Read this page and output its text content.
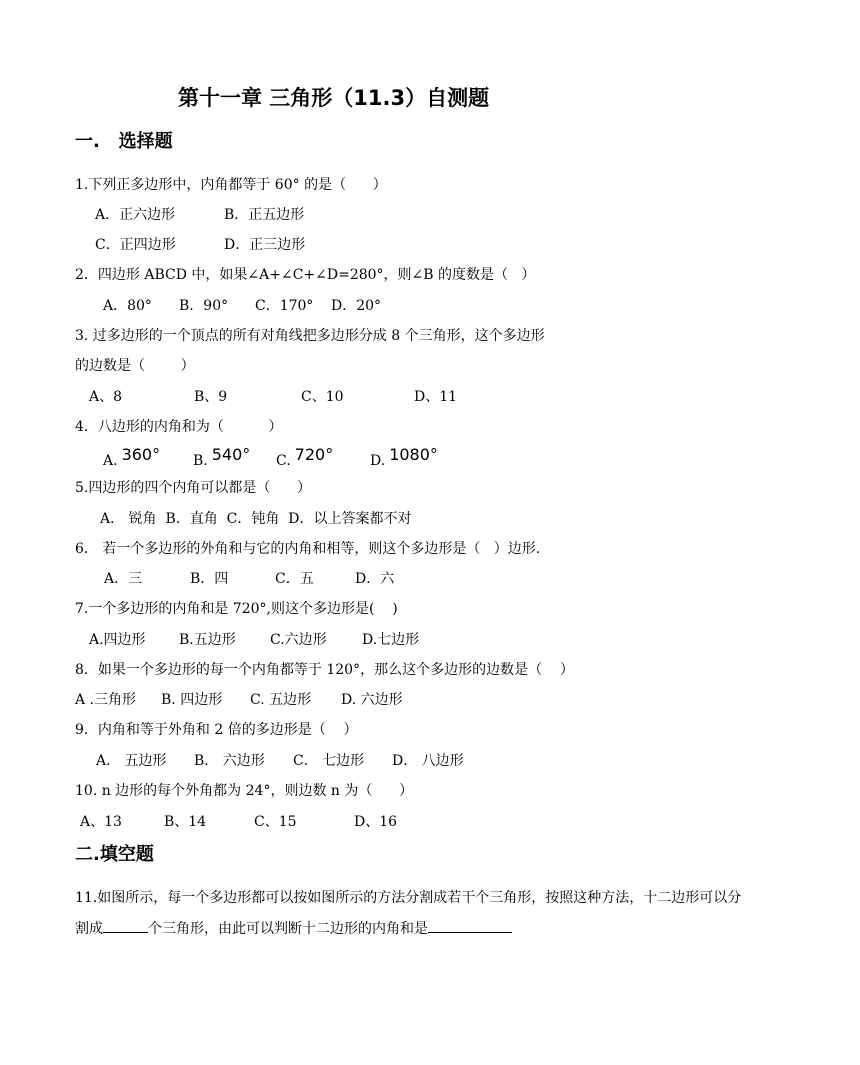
第十一章 三角形（11.3）自测题
一.   选择题
1.下列正多边形中，内角都等于 60° 的是（      ）
A．正六边形	B．正五边形
C．正四边形	D．正三边形
2．四边形 ABCD 中，如果∠A+∠C+∠D=280°，则∠B 的度数是（   ）
A．80° B．90° C．170° D．20°
3. 过多边形的一个顶点的所有对角线把多边形分成 8 个三角形，这个多边形
的边数是（        ）
A、8	B、9	C、10	D、11
4．八边形的内角和为（          ）
A. 360° B. 540° C. 720°	D. 1080°
5.四边形的四个内角可以都是（      ）
A． 锐角  B．直角  C．钝角  D．以上答案都不对
6． 若一个多边形的外角和与它的内角和相等，则这个多边形是（   ）边形.
A．三	B．四	C．五	D．六
7.一个多边形的内角和是 720°,则这个多边形是(    )
A.四边形 B.五边形 C.六边形	D.七边形
8．如果一个多边形的每一个内角都等于 120°，那么这个多边形的边数是（    ）
A .三角形 B. 四边形 C. 五边形 D. 六边形
9．内角和等于外角和 2 倍的多边形是（    ）
A． 五边形 B． 六边形 C． 七边形 D． 八边形
10. n 边形的每个外角都为 24°，则边数 n 为（      ）
A、13	B、14	C、15	D、16
二.填空题
11.如图所示，每一个多边形都可以按如图所示的方法分割成若干个三角形，按照这种方法，十二边形可以分
割成	个三角形，由此可以判断十二边形的内角和是
